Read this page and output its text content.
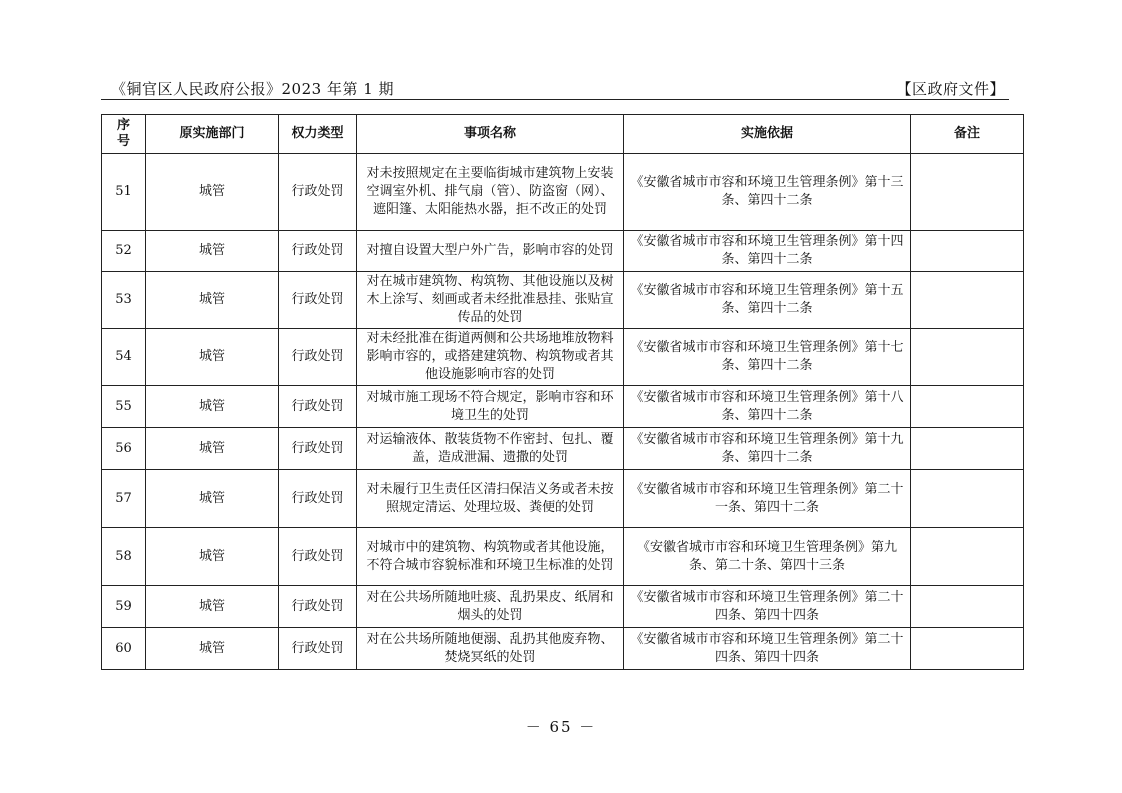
《铜官区人民政府公报》2023 年第 1 期	【区政府文件】
序
号	原实施部门	权力类型	事项名称	实施依据	备注
51	城管	行政处罚	对未按照规定在主要临街城市建筑物上安装空调室外机、排气扇（管）、防盗窗（网）、遮阳篷、太阳能热水器，拒不改正的处罚	《安徽省城市市容和环境卫生管理条例》第十三条、第四十二条	
52	城管	行政处罚	对擅自设置大型户外广告，影响市容的处罚	《安徽省城市市容和环境卫生管理条例》第十四条、第四十二条	
53	城管	行政处罚	对在城市建筑物、构筑物、其他设施以及树木上涂写、刻画或者未经批准悬挂、张贴宣传品的处罚	《安徽省城市市容和环境卫生管理条例》第十五条、第四十二条	
54	城管	行政处罚	对未经批准在街道两侧和公共场地堆放物料影响市容的，或搭建建筑物、构筑物或者其他设施影响市容的处罚	《安徽省城市市容和环境卫生管理条例》第十七条、第四十二条	
55	城管	行政处罚	对城市施工现场不符合规定，影响市容和环境卫生的处罚	《安徽省城市市容和环境卫生管理条例》第十八条、第四十二条	
56	城管	行政处罚	对运输液体、散装货物不作密封、包扎、覆盖，造成泄漏、遗撒的处罚	《安徽省城市市容和环境卫生管理条例》第十九条、第四十二条	
57	城管	行政处罚	对未履行卫生责任区清扫保洁义务或者未按照规定清运、处理垃圾、粪便的处罚	《安徽省城市市容和环境卫生管理条例》第二十一条、第四十二条	
58	城管	行政处罚	对城市中的建筑物、构筑物或者其他设施，不符合城市容貌标准和环境卫生标准的处罚	《安徽省城市市容和环境卫生管理条例》第九条、第二十条、第四十三条	
59	城管	行政处罚	对在公共场所随地吐痰、乱扔果皮、纸屑和烟头的处罚	《安徽省城市市容和环境卫生管理条例》第二十四条、第四十四条	
60	城管	行政处罚	对在公共场所随地便溺、乱扔其他废弃物、焚烧冥纸的处罚	《安徽省城市市容和环境卫生管理条例》第二十四条、第四十四条	
－ 65 －
